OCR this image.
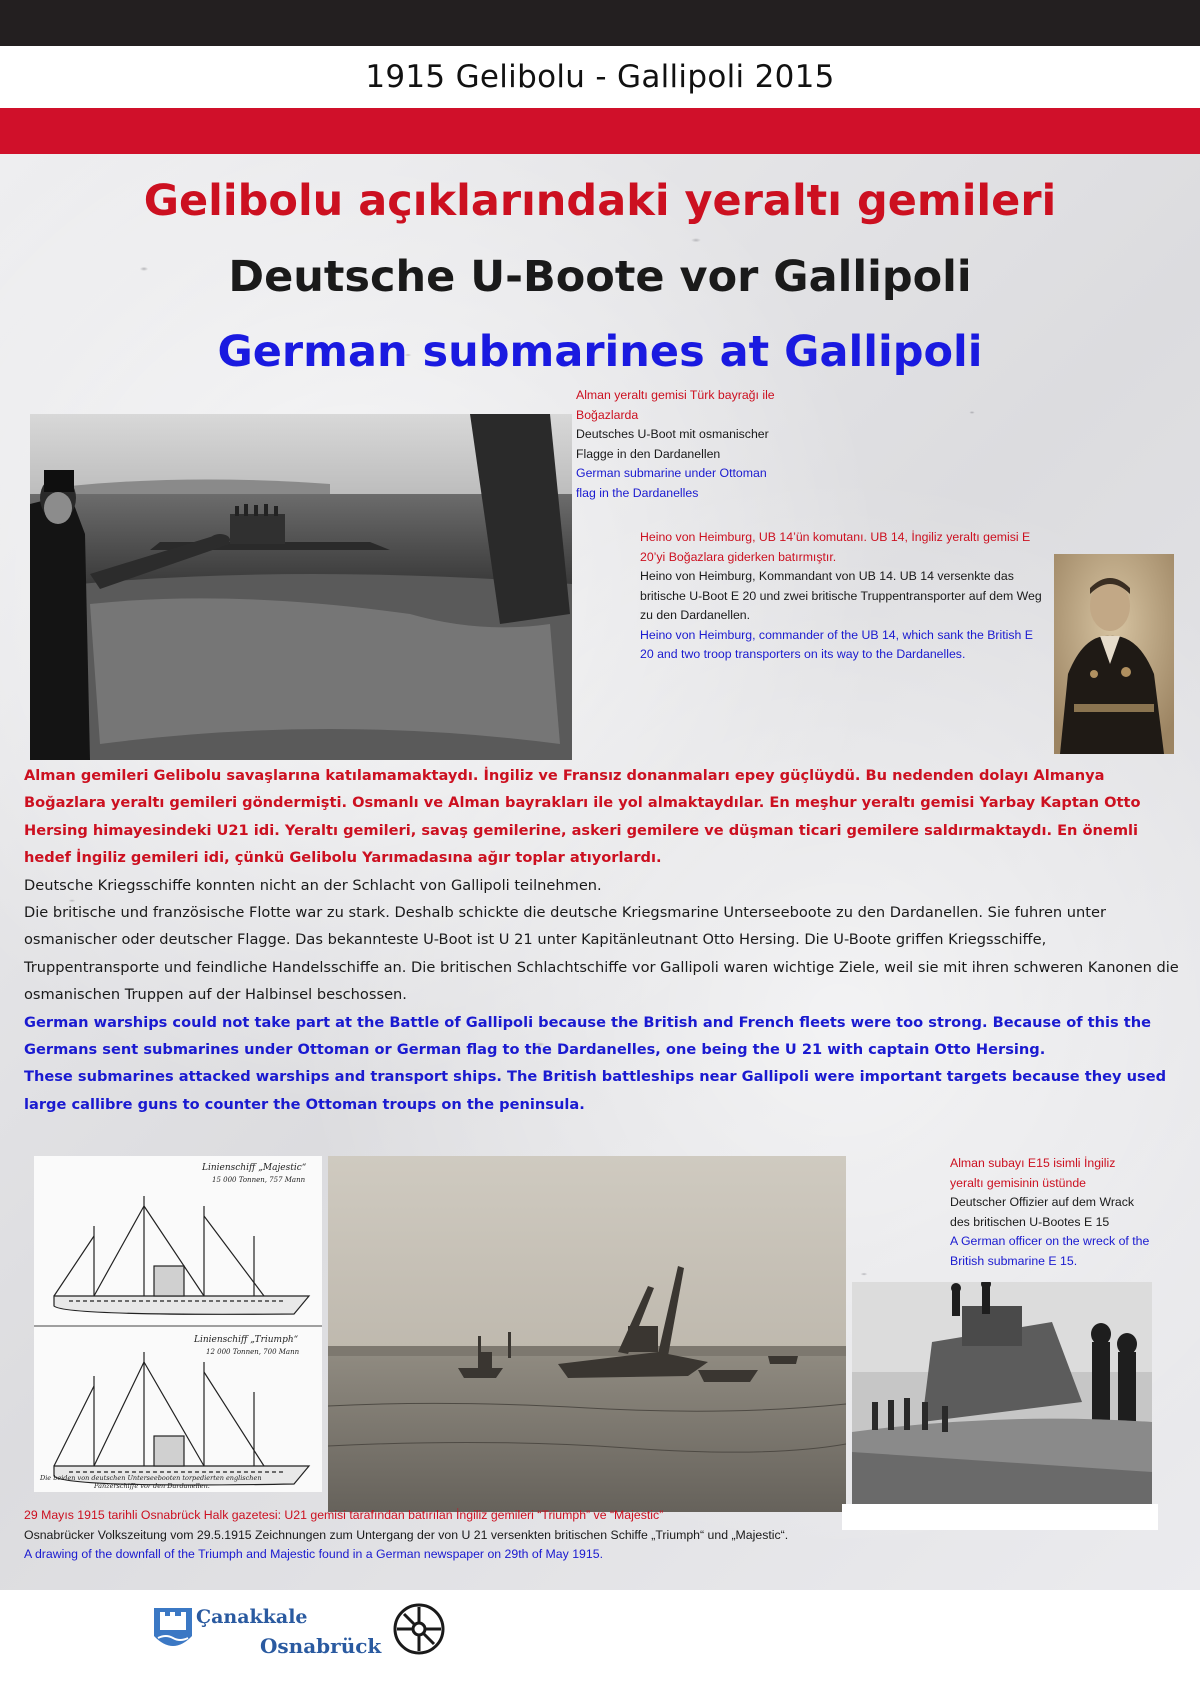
1915 Gelibolu - Gallipoli 2015
Gelibolu açıklarındaki yeraltı gemileri
Deutsche U-Boote vor Gallipoli
German submarines at Gallipoli
Alman yeraltı gemisi Türk bayrağı ile Boğazlarda
Deutsches U-Boot mit osmanischer Flagge in den Dardanellen
German submarine under Ottoman flag in the Dardanelles
Heino von Heimburg, UB 14’ün komutanı. UB 14, İngiliz yeraltı gemisi E 20’yi Boğazlara giderken batırmıştır.
Heino von Heimburg, Kommandant von UB 14. UB 14 versenkte das britische U-Boot E 20 und zwei britische Truppentransporter auf dem Weg zu den Dardanellen.
Heino von Heimburg, commander of the UB 14, which sank the British E 20 and two troop transporters on its way to the Dardanelles.

Alman gemileri Gelibolu savaşlarına katılamamaktaydı. İngiliz ve Fransız donanmaları epey güçlüydü. Bu nedenden dolayı Almanya Boğazlara yeraltı gemileri göndermişti. Osmanlı ve Alman bayrakları ile yol almaktaydılar. En meşhur yeraltı gemisi Yarbay Kaptan Otto Hersing himayesindeki U21 idi. Yeraltı gemileri, savaş gemilerine, askeri gemilere ve düşman ticari gemilere saldırmaktaydı. En önemli hedef İngiliz gemileri idi, çünkü Gelibolu Yarımadasına ağır toplar atıyorlardı.

Deutsche Kriegsschiffe konnten nicht an der Schlacht von Gallipoli teilnehmen.

Die britische und französische Flotte war zu stark. Deshalb schickte die deutsche Kriegsmarine Unterseeboote zu den Dardanellen. Sie fuhren unter osmanischer oder deutscher Flagge. Das bekannteste U-Boot ist U 21 unter Kapitänleutnant Otto Hersing. Die U-Boote griffen Kriegsschiffe, Truppentransporte und feindliche Handelsschiffe an. Die britischen Schlachtschiffe vor Gallipoli waren wichtige Ziele, weil sie mit ihren schweren Kanonen die osmanischen Truppen auf der Halbinsel beschossen.

German warships could not take part at the Battle of Gallipoli because the British and French fleets were too strong. Because of this the Germans sent submarines under Ottoman or German flag to the Dardanelles, one being the U 21 with captain Otto Hersing.

These submarines attacked warships and transport ships. The British battleships near Gallipoli were important targets because they used large callibre guns to counter the Ottoman troups on the peninsula.

Linienschiff „Majestic“
15 000 Tonnen, 757 Mann
Linienschiff „Triumph“
12 000 Tonnen, 700 Mann
Die beiden von deutschen Unterseebooten torpedierten englischen
Panzerschiffe vor den Dardanellen.
Alman subayı E15 isimli İngiliz yeraltı gemisinin üstünde
Deutscher Offizier auf dem Wrack des britischen U-Bootes E 15
A German officer on the wreck of the British submarine E 15.
29 Mayıs 1915 tarihli Osnabrück Halk gazetesi: U21 gemisi tarafından batırılan İngiliz gemileri “Triumph” ve “Majestic”
Osnabrücker Volkszeitung vom 29.5.1915 Zeichnungen zum Untergang der von U 21 versenkten britischen Schiffe „Triumph“ und „Majestic“.
A drawing of the downfall of the Triumph and Majestic found in a German newspaper on 29th of May 1915.
Çanakkale
Osnabrück
